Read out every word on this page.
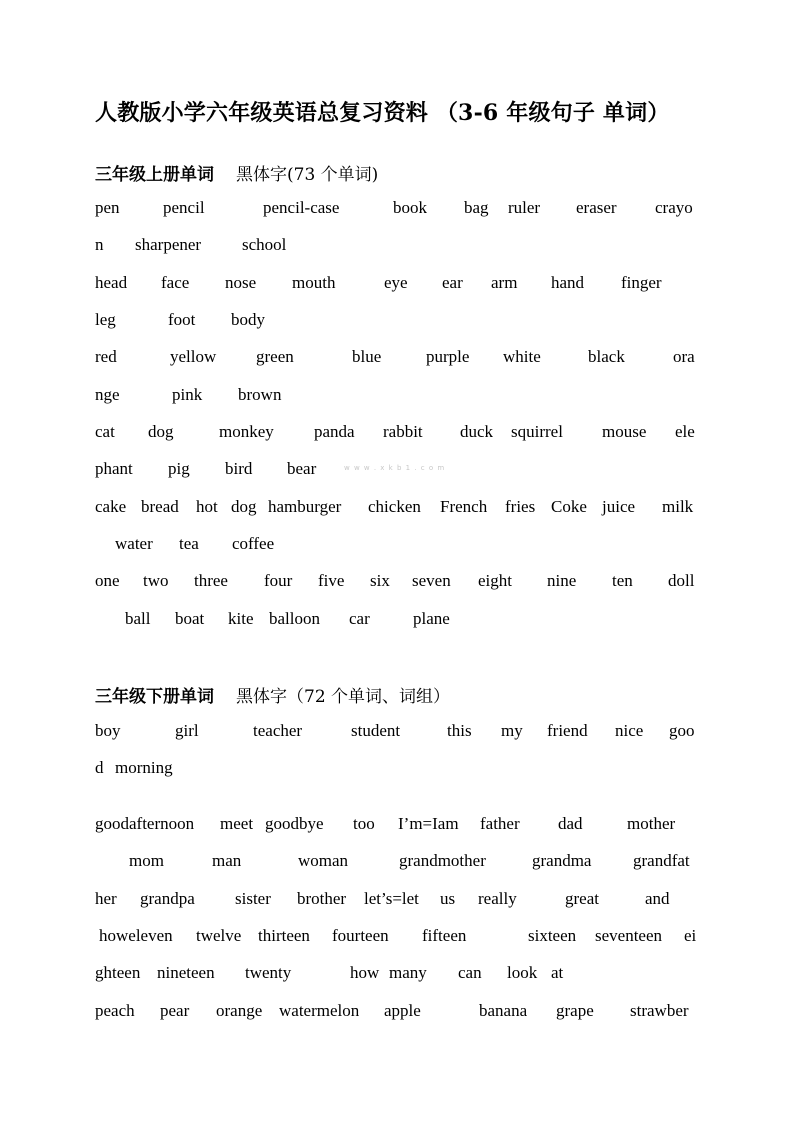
人教版小学六年级英语总复习资料 （3-6 年级句子 单词）
三年级上册单词 黑体字(73 个单词)
pen	pencil	pencil-case	book bag ruler eraser crayo
n sharpener school
head face nose mouth	eye ear arm hand finger
leg	foot body
red	yellow green	blue	purple white	black	ora
nge	pink brown
cat dog	monkey panda rabbit duck squirrel mouse ele
phant pig bird bear	w w w . x k b 1 . c o m
cake bread hot dog hamburger chicken French fries Coke juice milk
water tea coffee
one two three four five six seven eight nine ten doll
ball boat kite balloon car	plane
三年级下册单词 黑体字（72 个单词、词组）
boy	girl	teacher	student	this my friend nice goo
d morning
goodafternoon meet goodbye too I’m=Iam father dad	mother
mom	man	woman	grandmother	grandma grandfat
her grandpa sister brother let’s=let us really	great	and
howeleven twelve thirteen fourteen fifteen	sixteen seventeen ei
ghteen nineteen twenty	how many can look at
peach pear orange watermelon apple	banana grape strawber
